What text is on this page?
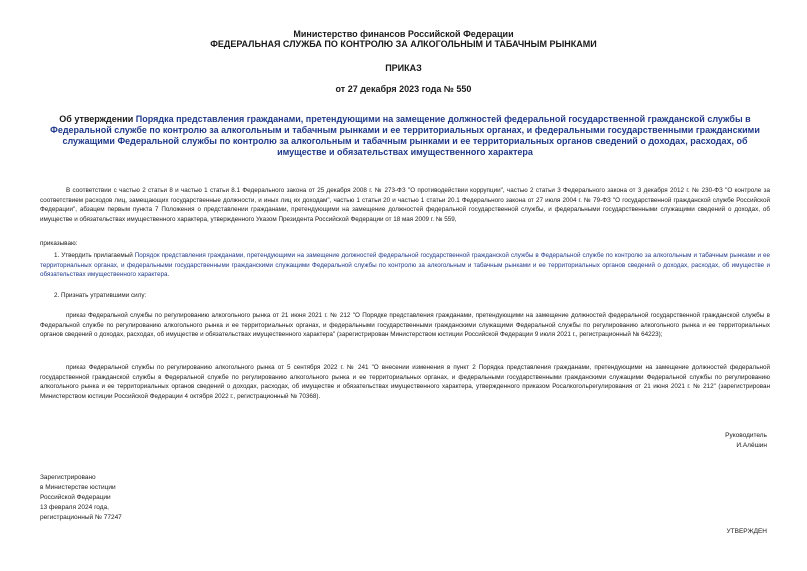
Министерство финансов Российской Федерации
ФЕДЕРАЛЬНАЯ СЛУЖБА ПО КОНТРОЛЮ ЗА АЛКОГОЛЬНЫМ И ТАБАЧНЫМ РЫНКАМИ
ПРИКАЗ
от 27 декабря 2023 года № 550
Об утверждении Порядка представления гражданами, претендующими на замещение должностей федеральной государственной гражданской службы в Федеральной службе по контролю за алкогольным и табачным рынками и ее территориальных органах, и федеральными государственными гражданскими служащими Федеральной службы по контролю за алкогольным и табачным рынками и ее территориальных органов сведений о доходах, расходах, об имуществе и обязательствах имущественного характера
В соответствии с частью 2 статьи 8 и частью 1 статьи 8.1 Федерального закона от 25 декабря 2008 г. № 273-ФЗ "О противодействии коррупции", частью 2 статьи 3 Федерального закона от 3 декабря 2012 г. № 230-ФЗ "О контроле за соответствием расходов лиц, замещающих государственные должности, и иных лиц их доходам", частью 1 статьи 20 и частью 1 статьи 20.1 Федерального закона от 27 июля 2004 г. № 79-ФЗ "О государственной гражданской службе Российской Федерации", абзацем первым пункта 7 Положения о представлении гражданами, претендующими на замещение должностей федеральной государственной службы, и федеральными государственными служащими сведений о доходах, об имуществе и обязательствах имущественного характера, утвержденного Указом Президента Российской Федерации от 18 мая 2009 г. № 559,
приказываю:
1. Утвердить прилагаемый Порядок представления гражданами, претендующими на замещение должностей федеральной государственной гражданской службы в Федеральной службе по контролю за алкогольным и табачным рынками и ее территориальных органах, и федеральными государственными гражданскими служащими Федеральной службы по контролю за алкогольным и табачным рынками и ее территориальных органов сведений о доходах, расходах, об имуществе и обязательствах имущественного характера.
2. Признать утратившими силу:
приказ Федеральной службы по регулированию алкогольного рынка от 21 июня 2021 г. № 212 "О Порядке представления гражданами, претендующими на замещение должностей федеральной государственной гражданской службы в Федеральной службе по регулированию алкогольного рынка и ее территориальных органах, и федеральными государственными гражданскими служащими Федеральной службы по регулированию алкогольного рынка и ее территориальных органов сведений о доходах, расходах, об имуществе и обязательствах имущественного характера" (зарегистрирован Министерством юстиции Российской Федерации 9 июля 2021 г., регистрационный № 64223);
приказ Федеральной службы по регулированию алкогольного рынка от 5 сентября 2022 г. № 241 "О внесении изменения в пункт 2 Порядка представления гражданами, претендующими на замещение должностей федеральной государственной гражданской службы в Федеральной службе по регулированию алкогольного рынка и ее территориальных органах, и федеральными государственными гражданскими служащими Федеральной службы по регулированию алкогольного рынка и ее территориальных органов сведений о доходах, расходах, об имуществе и обязательствах имущественного характера, утвержденного приказом Росалкогольрегулирования от 21 июня 2021 г. № 212" (зарегистрирован Министерством юстиции Российской Федерации 4 октября 2022 г., регистрационный № 70368).
Руководитель
И.Алёшин
Зарегистрировано
в Министерстве юстиции
Российской Федерации
13 февраля 2024 года,
регистрационный № 77247
УТВЕРЖДЕН
